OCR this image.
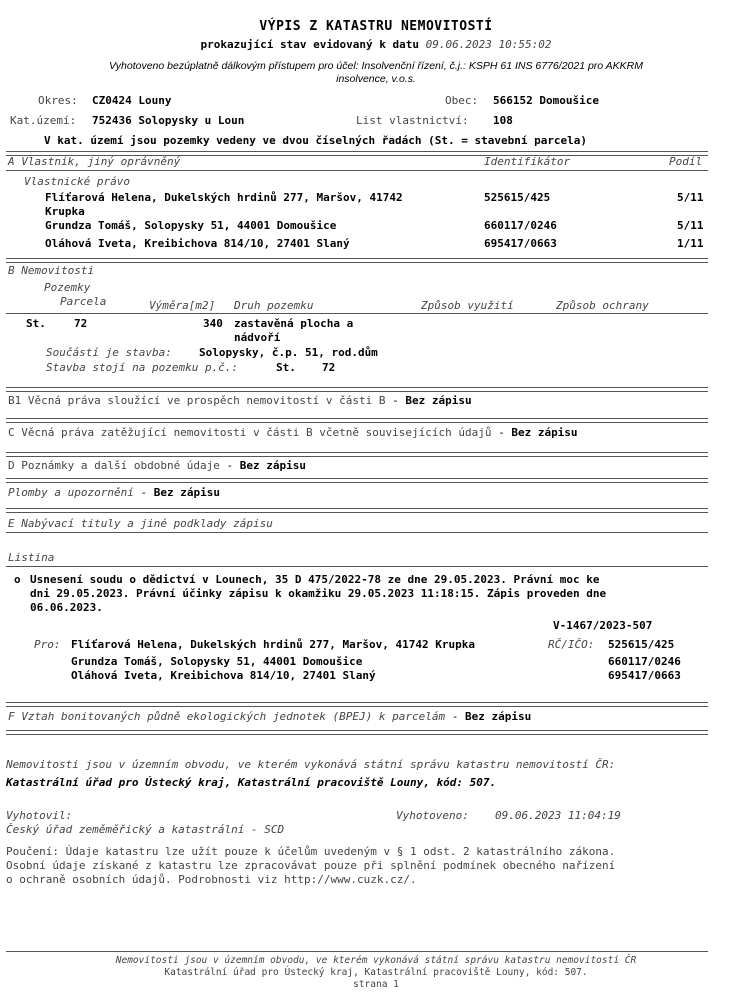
VÝPIS Z KATASTRU NEMOVITOSTÍ
prokazující stav evidovaný k datu 09.06.2023 10:55:02
Vyhotoveno bezúplatně dálkovým přístupem pro účel: Insolvenční řízení, č.j.: KSPH 61 INS 6776/2021 pro AKKRM
insolvence, v.o.s.
Okres: CZ0424 Louny	Obec: 566152 Domoušice
Kat.území: 752436 Solopysky u Loun	List vlastnictví: 108
V kat. území jsou pozemky vedeny ve dvou číselných řadách (St. = stavební parcela)
A Vlastník, jiný oprávněný	Identifikátor	Podíl
Vlastnické právo
Flíťarová Helena, Dukelských hrdinů 277, Maršov, 41742
Krupka
525615/425	5/11
Grundza Tomáš, Solopysky 51, 44001 Domoušice	660117/0246	5/11
Oláhová Iveta, Kreibichova 814/10, 27401 Slaný	695417/0663	1/11
B Nemovitosti
Pozemky
Parcela	Výměra[m2] Druh pozemku	Způsob využití	Způsob ochrany
St.	72	340 zastavěná plocha a
nádvoří
Součástí je stavba: Solopysky, č.p. 51, rod.dům
Stavba stojí na pozemku p.č.:	St. 72
B1 Věcná práva sloužící ve prospěch nemovitostí v části B - Bez zápisu
C Věcná práva zatěžující nemovitosti v části B včetně souvisejících údajů - Bez zápisu
D Poznámky a další obdobné údaje - Bez zápisu
Plomby a upozornění - Bez zápisu
E Nabývací tituly a jiné podklady zápisu
Listina
o Usnesení soudu o dědictví v Lounech, 35 D 475/2022-78 ze dne 29.05.2023. Právní moc ke
dni 29.05.2023. Právní účinky zápisu k okamžiku 29.05.2023 11:18:15. Zápis proveden dne
06.06.2023.
V-1467/2023-507
Pro: Flíťarová Helena, Dukelských hrdinů 277, Maršov, 41742 Krupka	RČ/IČO: 525615/425
Grundza Tomáš, Solopysky 51, 44001 Domoušice	660117/0246
Oláhová Iveta, Kreibichova 814/10, 27401 Slaný	695417/0663
F Vztah bonitovaných půdně ekologických jednotek (BPEJ) k parcelám - Bez zápisu
Nemovitosti jsou v územním obvodu, ve kterém vykonává státní správu katastru nemovitostí ČR:
Katastrální úřad pro Ústecký kraj, Katastrální pracoviště Louny, kód: 507.
Vyhotovil:	Vyhotoveno: 09.06.2023 11:04:19
Český úřad zeměměřický a katastrální - SCD
Poučení: Údaje katastru lze užít pouze k účelům uvedeným v § 1 odst. 2 katastrálního zákona.
Osobní údaje získané z katastru lze zpracovávat pouze při splnění podmínek obecného nařízení
o ochraně osobních údajů. Podrobnosti viz http://www.cuzk.cz/.
Nemovitosti jsou v územním obvodu, ve kterém vykonává státní správu katastru nemovitostí ČR
Katastrální úřad pro Ústecký kraj, Katastrální pracoviště Louny, kód: 507.
strana 1
